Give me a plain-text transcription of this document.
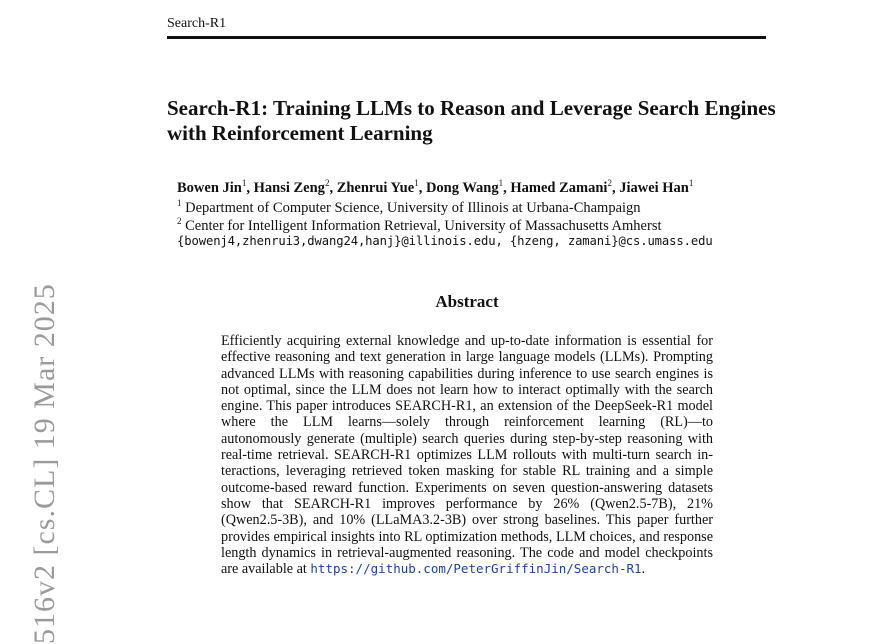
Search-R1
Search-R1: Training LLMs to Reason and Leverage Search Engines with Reinforcement Learning
Bowen Jin$^1$, Hansi Zeng$^2$, Zhenrui Yue$^1$, Dong Wang$^1$, Hamed Zamani$^2$, Jiawei Han$^1$
$^1$ Department of Computer Science, University of Illinois at Urbana-Champaign
$^2$ Center for Intelligent Information Retrieval, University of Massachusetts Amherst
{bowenj4,zhenrui3,dwang24,hanj}@illinois.edu, {hzeng, zamani}@cs.umass.edu
Abstract

Efficiently acquiring external knowledge and up-to-date information is essential for effective reasoning and text generation in large language models (LLMs). Prompting advanced LLMs with reasoning capabilities during inference to use search engines is not optimal, since the LLM does not learn how to interact optimally with the search engine. This paper introduces SEARCH-R1, an extension of the DeepSeek-R1 model where the LLM learns—solely through reinforcement learning (RL)—to autonomously generate (multiple) search queries during step-by-step reasoning with real-time retrieval. SEARCH-R1 optimizes LLM rollouts with multi-turn search interactions, leveraging retrieved token masking for stable RL training and a simple outcome-based reward function. Experiments on seven question-answering datasets show that SEARCH-R1 improves performance by 26% (Qwen2.5-7B), 21% (Qwen2.5-3B), and 10% (LLaMA3.2-3B) over strong baselines. This paper further provides empirical insights into RL optimization methods, LLM choices, and response length dynamics in retrieval-augmented reasoning. The code and model checkpoints are available at https://github.com/PeterGriffinJin/Search-R1.

516v2 [cs.CL] 19 Mar 2025
